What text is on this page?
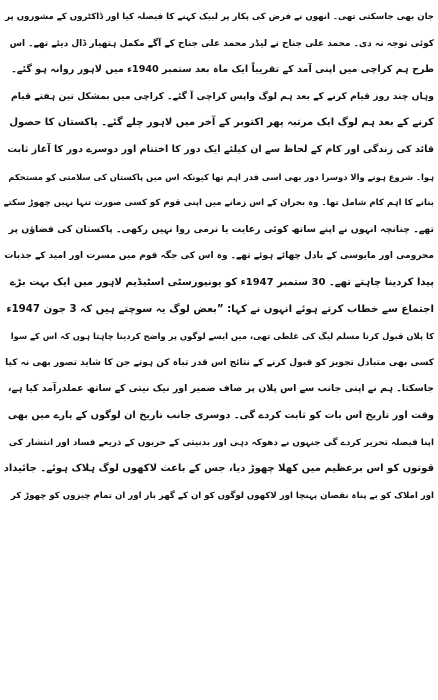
جان بھی جاسکتی تھی۔ انھوں نے فرض کی پکار پر لبیک کہنے کا فیصلہ کیا اور ڈاکٹروں کے مشوروں پر
کوئی توجہ نہ دی۔ محمد علی جناح نے لیڈر محمد علی جناح کے آگے مکمل ہتھیار ڈال دیئے تھے۔ اس
طرح ہم کراچی میں اپنی آمد کے تقریباً ایک ماہ بعد ستمبر 1940ء میں لاہور روانہ ہو گئے۔
وہاں چند روز قیام کرنے کے بعد ہم لوگ واپس کراچی آ گئے۔ کراچی میں بمشکل تین ہفتے قیام
کرنے کے بعد ہم لوگ ایک مرتبہ پھر اکتوبر کے آخر میں لاہور چلے گئے۔ پاکستان کا حصول
قائد کی زندگی اور کام کے لحاظ سے ان کیلئے ایک دور کا اختتام اور دوسرے دور کا آغاز ثابت
ہوا۔ شروع ہونے والا دوسرا دور بھی اسی قدر اہم تھا کیونکہ اس میں پاکستان کی سلامتی کو مستحکم
بنانے کا اہم کام شامل تھا۔ وہ بحران کے اس زمانے میں اپنی قوم کو کسی صورت تنہا نہیں چھوڑ سکتے
تھے۔ چنانچہ انہوں نے اپنے ساتھ کوئی رعایت یا نرمی روا نہیں رکھی۔ پاکستان کی فضاؤں پر
محرومی اور مایوسی کے بادل چھائے ہوئے تھے۔ وہ اس کی جگہ قوم میں مسرت اور امید کے جذبات
پیدا کردینا چاہتے تھے۔ 30 ستمبر 1947ء کو یونیورسٹی اسٹیڈیم لاہور میں ایک بہت بڑے
اجتماع سے خطاب کرتے ہوئے انہوں نے کہا: ”بعض لوگ یہ سوچتے ہیں کہ 3 جون 1947ء
کا پلان قبول کرنا مسلم لیگ کی غلطی تھی، میں ایسے لوگوں پر واضح کردینا چاہتا ہوں کہ اس کے سوا
کسی بھی متبادل تجویز کو قبول کرنے کے نتائج اس قدر تباہ کن ہوتے جن کا شاید تصور بھی نہ کیا
جاسکتا۔ ہم نے اپنی جانب سے اس پلان پر صاف ضمیر اور نیک نیتی کے ساتھ عملدرآمد کیا ہے،
وقت اور تاریخ اس بات کو ثابت کردے گی۔ دوسری جانب تاریخ ان لوگوں کے بارے میں بھی
اپنا فیصلہ تحریر کردے گی جنہوں نے دھوکہ دہی اور بدنیتی کے حربوں کے ذریعے فساد اور انتشار کی
قوتوں کو اس برعظیم میں کھلا چھوڑ دیا، جس کے باعث لاکھوں لوگ ہلاک ہوئے۔ جائیداد
اور املاک کو بے پناہ نقصان پہنچا اور لاکھوں لوگوں کو ان کے گھر بار اور ان تمام چیزوں کو چھوڑ کر
